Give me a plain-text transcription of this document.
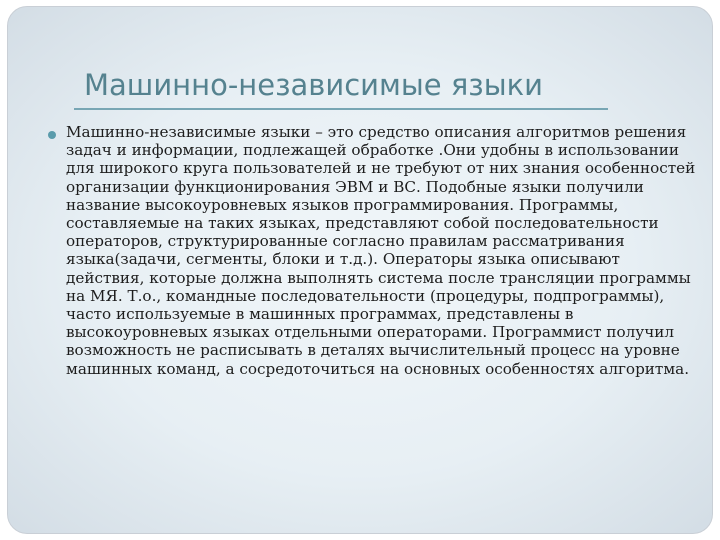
Машинно-независимые языки

Машинно-независимые языки – это средство описания алгоритмов решения задач и информации, подлежащей обработке .Они удобны в использовании для широкого круга пользователей и не требуют от них знания особенностей организации функционирования ЭВМ и ВС. Подобные языки получили название высокоуровневых языков программирования. Программы, составляемые на таких языках, представляют собой последовательности операторов, структурированные согласно правилам рассматривания языка(задачи, сегменты, блоки и т.д.). Операторы языка описывают действия, которые должна выполнять система после трансляции программы на МЯ. Т.о., командные последовательности (процедуры, подпрограммы), часто используемые в машинных программах, представлены в высокоуровневых языках отдельными операторами. Программист получил возможность не расписывать в деталях вычислительный процесс на уровне машинных команд, а сосредоточиться на основных особенностях алгоритма.
